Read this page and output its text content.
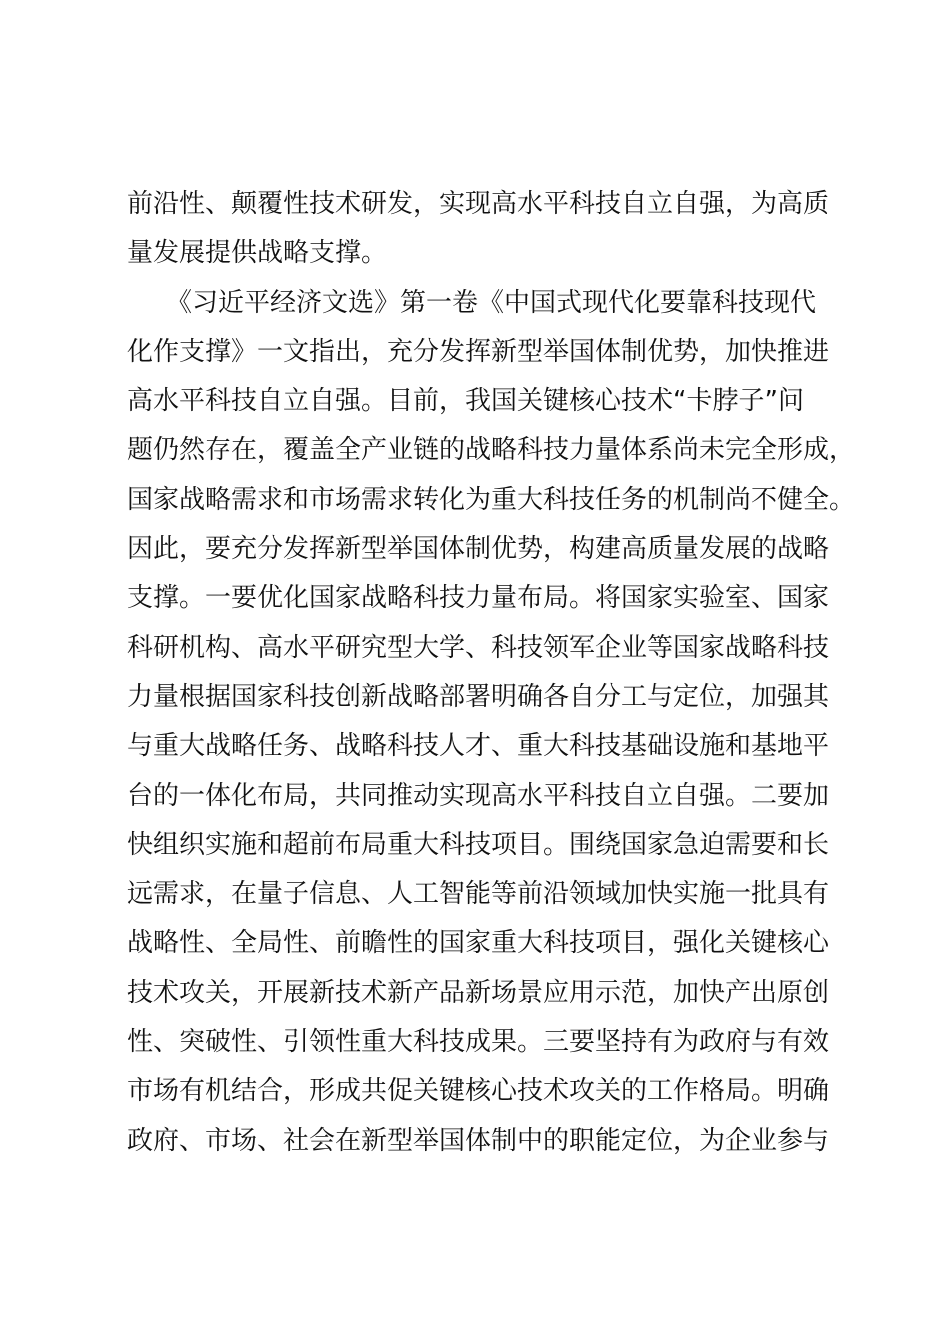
前沿性、颠覆性技术研发，实现高水平科技自立自强，为高质
量发展提供战略支撑。
　　《习近平经济文选》第一卷《中国式现代化要靠科技现代
化作支撑》一文指出，充分发挥新型举国体制优势，加快推进
高水平科技自立自强。目前，我国关键核心技术“卡脖子”问
题仍然存在，覆盖全产业链的战略科技力量体系尚未完全形成，
国家战略需求和市场需求转化为重大科技任务的机制尚不健全。
因此，要充分发挥新型举国体制优势，构建高质量发展的战略
支撑。一要优化国家战略科技力量布局。将国家实验室、国家
科研机构、高水平研究型大学、科技领军企业等国家战略科技
力量根据国家科技创新战略部署明确各自分工与定位，加强其
与重大战略任务、战略科技人才、重大科技基础设施和基地平
台的一体化布局，共同推动实现高水平科技自立自强。二要加
快组织实施和超前布局重大科技项目。围绕国家急迫需要和长
远需求，在量子信息、人工智能等前沿领域加快实施一批具有
战略性、全局性、前瞻性的国家重大科技项目，强化关键核心
技术攻关，开展新技术新产品新场景应用示范，加快产出原创
性、突破性、引领性重大科技成果。三要坚持有为政府与有效
市场有机结合，形成共促关键核心技术攻关的工作格局。明确
政府、市场、社会在新型举国体制中的职能定位，为企业参与
